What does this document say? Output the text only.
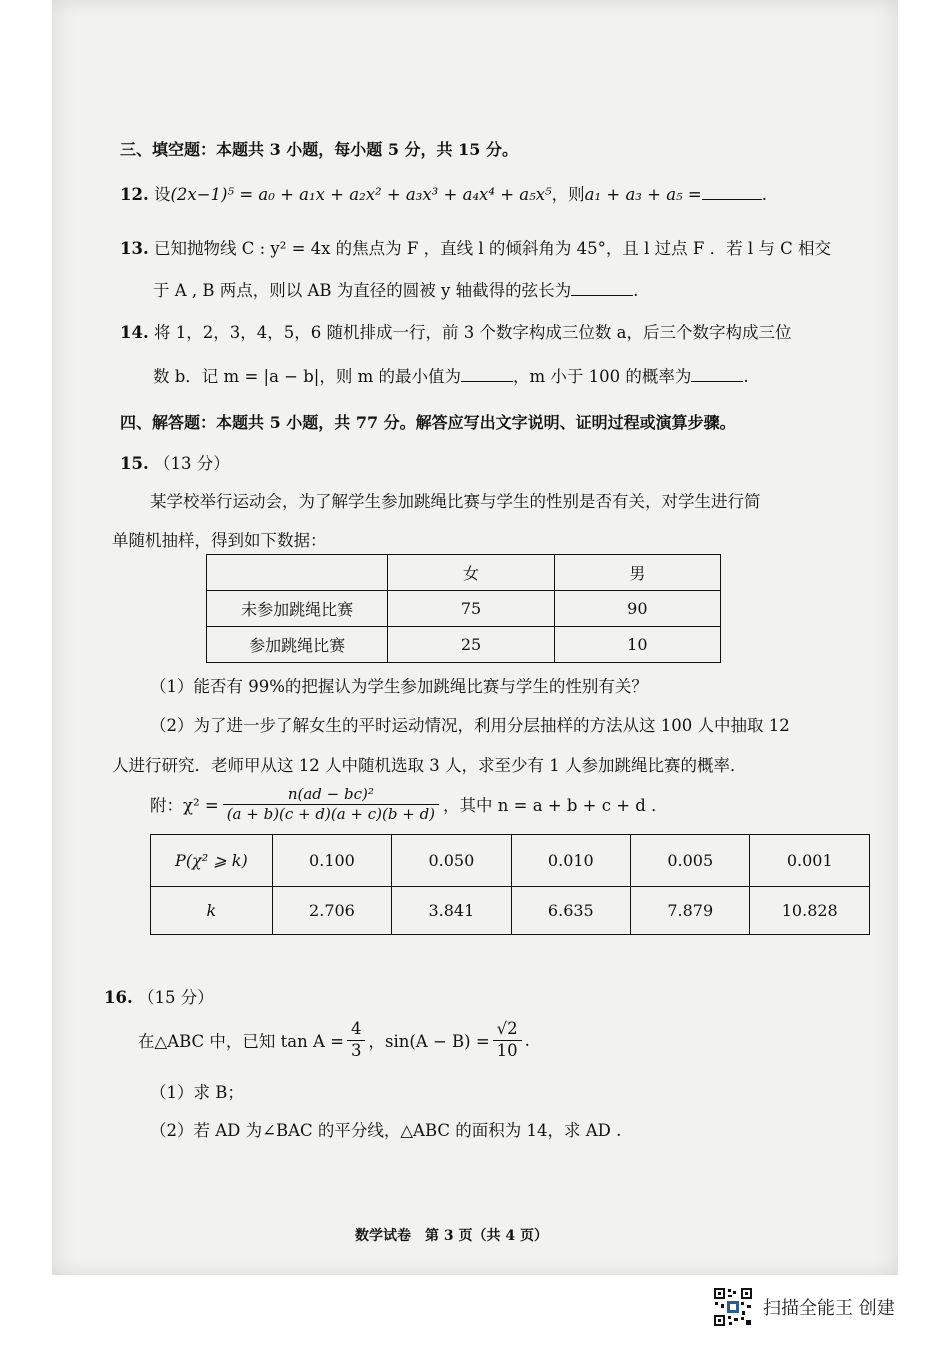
三、填空题：本题共 3 小题，每小题 5 分，共 15 分。
12. 设(2x−1)⁵ = a₀ + a₁x + a₂x² + a₃x³ + a₄x⁴ + a₅x⁵，则a₁ + a₃ + a₅ =	.
13. 已知抛物线 C : y² = 4x 的焦点为 F ，直线 l 的倾斜角为 45°，且 l 过点 F ．若 l 与 C 相交
于 A , B 两点，则以 AB 为直径的圆被 y 轴截得的弦长为	.
14. 将 1，2，3，4，5，6 随机排成一行，前 3 个数字构成三位数 a，后三个数字构成三位
数 b．记 m = |a − b|，则 m 的最小值为	，m 小于 100 的概率为	.
四、解答题：本题共 5 小题，共 77 分。解答应写出文字说明、证明过程或演算步骤。
15. （13 分）
某学校举行运动会，为了解学生参加跳绳比赛与学生的性别是否有关，对学生进行简
单随机抽样，得到如下数据：
	女	男
未参加跳绳比赛	75	90
参加跳绳比赛	25	10
（1）能否有 99%的把握认为学生参加跳绳比赛与学生的性别有关？
（2）为了进一步了解女生的平时运动情况，利用分层抽样的方法从这 100 人中抽取 12
人进行研究．老师甲从这 12 人中随机选取 3 人，求至少有 1 人参加跳绳比赛的概率．
附：$\chi^2 = \frac{\text{n(ad − bc)²}}{(a + b)(c + d)(a + c)(b + d)}$ ，其中 n = a + b + c + d ．
P(χ² ⩾ k)	0.100	0.050	0.010	0.005	0.001
k	2.706	3.841	6.635	7.879	10.828
16. （15 分）
在△ABC 中，已知 $\tan A = \frac{4}{3}$ ，$\sin(A - B) = \frac{√2}{10}$ .
（1）求 B；
（2）若 AD 为∠BAC 的平分线，△ABC 的面积为 14，求 AD .
数学试卷　第 3 页（共 4 页）
扫描全能王 创建
